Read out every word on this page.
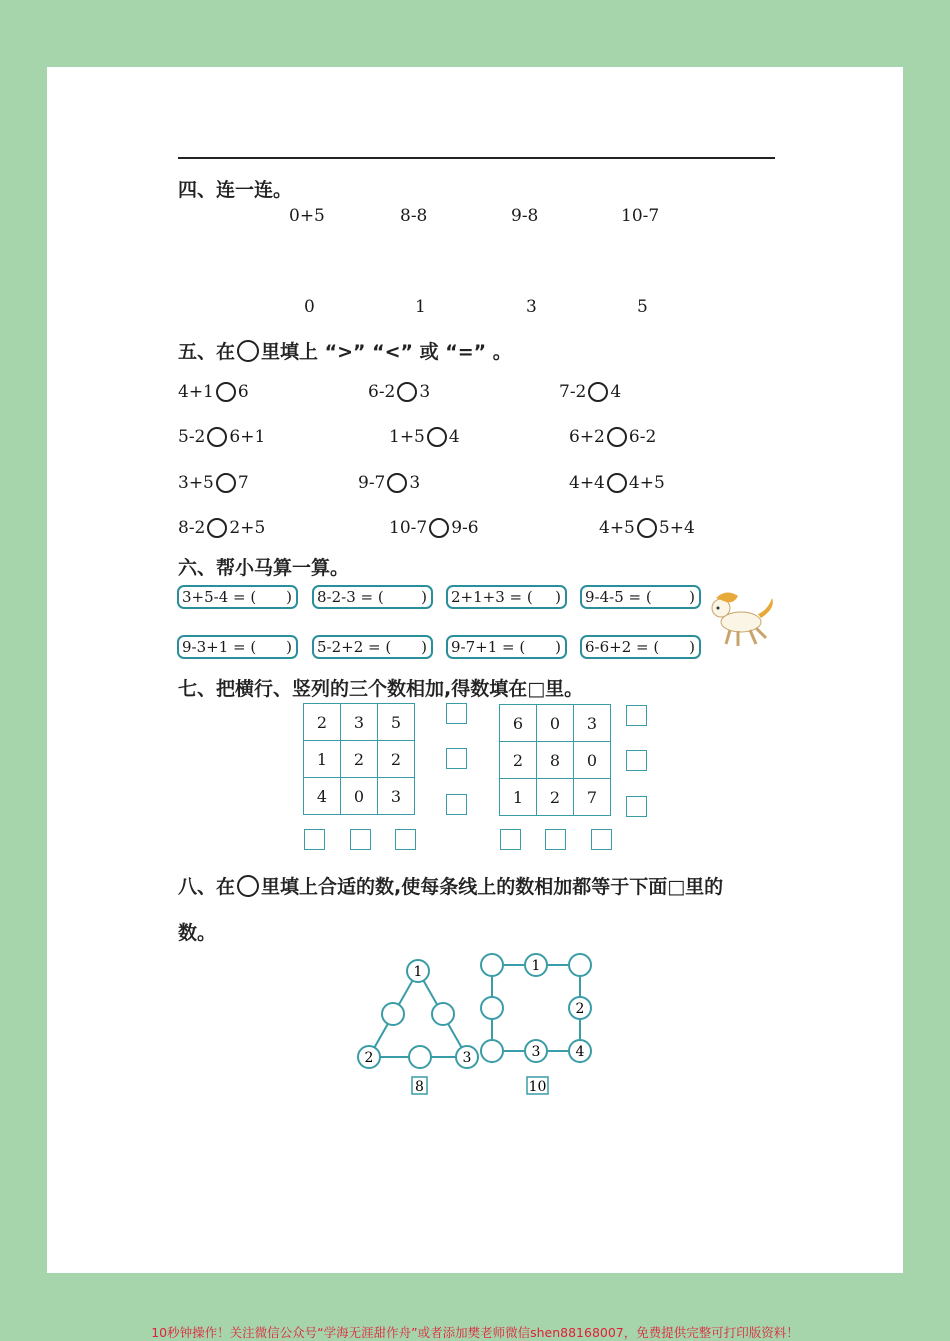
四、连一连。
0+5	8-8	9-8	10-7
0	1	3	5
五、在 里填上 “>” “<” 或 “=” 。
4+1 6	6-2 3	7-2 4
5-2 6+1	1+5 4	6+2 6-2
3+5 7	9-7 3	4+4 4+5
8-2 2+5	10-7 9-6	4+5 5+4
六、帮小马算一算。
3+5-4 = ( )	8-2-3 = ( )	2+1+3 = ( )	9-4-5 = ( )
9-3+1 = ( )	5-2+2 = ( )	9-7+1 = ( )	6-6+2 = ( )
七、把横行、竖列的三个数相加,得数填在□里。
2	3	5
1	2	2
4	0	3
6	0	3
2	8	0
1	2	7
八、在 里填上合适的数,使每条线上的数相加都等于下面□里的
数。
1
2	3
8
1
2
3	4
10
10秒钟操作！关注微信公众号“学海无涯甜作舟”或者添加樊老师微信shen88168007，免费提供完整可打印版资料！
